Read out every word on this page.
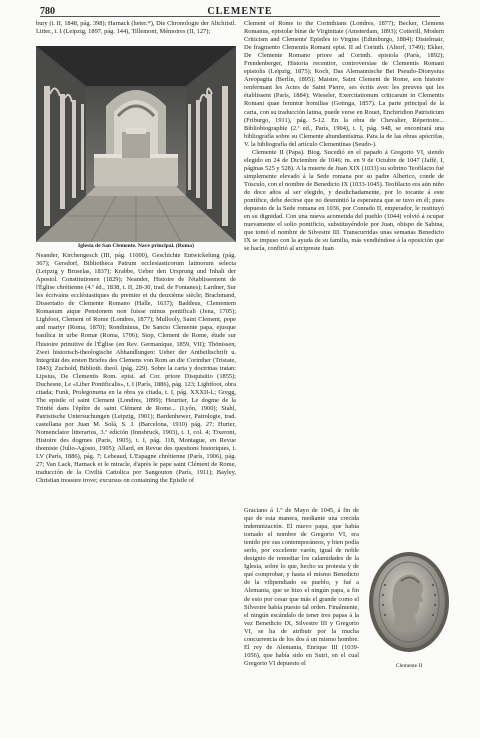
780	CLEMENTE

bury (t. II, 1848, pág. 398); Harnack (heter.*), Die Chronologie der Altchristl. Litter., t. I (Leipzig, 1897, pág. 144), Tillemont, Mémoires (II, 127);

Iglesia de San Clemente. Nave principal. (Roma)

Neander, Kirchengesch (III, pág. 11000), Geschichte Entwickelung (pág. 367); Gersdorf, Bibliotheca Patrum ecclesiasticorum latinorum selecta (Leipzig y Bruselas, 1837); Krabbe, Ueber den Ursprung und Inhalt der Apostol. Constitutionen (1829); Neander, Histoire de l'établissement de l'Église chrétienne (4.ª éd., 1838, t. II, 28-30, trad. de Fontanes); Lardner, Sur les écrivains ecclésiastiques du premier et du deuxième siècle; Brachmand, Dissertatio de Clemente Romano (Halle, 1637); Baddeus, Clementem Romanum atque Pensionem non fuisse minus pontificali (Jena, 1705); Lighfoot, Clement of Rome (Londres, 1877); Mullooly, Saint Clement, pope and martyr (Roma, 1870); Rondininus, De Sancto Clemente papa, ejusque basilica in urbe Romæ (Roma, 1706); Stop, Clement de Rome, étude sur l'histoire primitive de l'Église (en Rev. Germanique, 1859, VII); Thönissen, Zwei historisch-theologische Abhandlungen: Ueber der Antheiltschrift u. Integrität des ersten Briefes des Clemens von Rom an die Corinther (Tristate, 1843); Zuchold, Biblioth. theol. (pág. 229). Sobre la carta y doctrinas tratan: Lipsius, De Clementis Rom. epist. ad Cor. priore Disquisitio (1855); Duchesne, Le «Liber Pontificalis», t. I (París, 1886), pág. 123; Lightfoot, obra citada; Funk, Prolegomena en la obra ya citada, t. I, pág. XXXII-L; Gregg, The epistle of saint Clement (Londres, 1899); Heurtier, Le dogme de la Trinité dans l'épître de saint Clément de Rome... (Lyón, 1900); Stahl, Patristische Untersuchungen (Leipzig, 1901); Bardenhewer, Patrologie, trad. castellana por Juan M. Solá, S. J. (Barcelona, 1910) pág. 27; Hurter, Nomenclator litterarius, 3.ª edición (Innsbruck, 1903), t. I, col. 4; Tixeront, Histoire des dogmes (París, 1905), t. I, pág. 118, Montague, en Revue thomiste (Julio-Agosto, 1905); Allard, en Revue des questions historiques, t. LV (París, 1886), pág. 7; Lebeaud, L'Espagne chrétienne (París, 1906), pág. 27; Van Lack, Harnack et le miracle, d'après le pape saint Clément de Rome, traducción de la Civiltà Cattolica por Sangouton (París, 1911); Bayley, Christian treasure trove; excursus on containing the Epistle of

Clement of Rome to the Corinthians (Londres, 1877); Becker, Clemens Romanus, epistolæ binæ de Virginitate (Amsterdam, 1893); Cotterill, Modern Criticism and Clements' Epistles to Virgins (Edimburgo, 1884); Distelmair, De fragmento Clementis Romani epist. II ad Corinth. (Altorf, 1749); Ekker, De Clemente Romano priore ad Corinth. epistola (París, 1892); Frendenberger, Historia recentior, controversiae de Clementis Romani epistolis (Leipzig, 1875); Koch, Das Alemannische Bei Pseudo-Dionysius Areopagita (Berlín, 1895); Maistre, Saint Clement de Rome, son histoire renfermant les Actes de Saint Pierre, ses écrits avec les preuves qui les établissent (París, 1884); Wieseler, Exercitationum criticarum in Clementis Romani quae feruntur homilias (Gotinga, 1857). La parte principal de la carta, con su traducción latina, puede verse en Rouet, Enchiridion Patristicum (Friburgo, 1911), pág. 5-12. En la obra de Chevalier, Répertoire... Bibliobiographie (2.ª ed., París, 1904), t. I, pág. 948, se encontrará una bibliografía sobre su Clemente abundantísima. Para la de las obras apócrifas, V. la bibliografía del artículo Clementinas (Seudo-).

Clemente II (Papa). Biog. Sucedió en el papado á Gregorio VI, siendo elegido en 24 de Diciembre de 1046; m. en 9 de Octubre de 1047 (Jaffé, I, páginas 525 y 528). A la muerte de Juan XIX (1033) su sobrino Teofilacto fué simplemente elevado á la Sede romana por su padre Alberico, conde de Túsculo, con el nombre de Benedicto IX (1033-1045). Teofilacto era aún niño de doce años al ser elegido, y desdichadamente, por lo tocante á este pontífice, debe decirse que no desmintió la esperanza que se tuvo en él; pues depuesto de la Sede romana en 1036, por Conrado II, emperador, le restituyó en su dignidad. Con una nueva acometida del pueblo (1044) volvió á ocupar nuevamente el solio pontificio, substituyéndole por Juan, obispo de Sabina, que tomó el nombre de Silvestre III. Transcurridas unas semanas Benedicto IX se impuso con la ayuda de su familia, más vendiéndose á la oposición que se hacía, confirió al arcipreste Juan

Graciano á 1.º de Mayo de 1045, á fin de que de esta manera, mediante una crecida indemnización. El nuevo papa, que había tomado el nombre de Gregorio VI, era tenido por sus contemporáneos, y bien podía serlo, por excelente varón, igual de noble designio de remediar los calamidades de la Iglesia, sobre lo que, hecho su protesta y de qué comprobar, y hasta el mismo Benedicto de la vilipendiado su pueblo, y fué a Alemania, que se hizo el ningún papa, a fin de esto por cesar que más el grande como el Silvestre había puesto tal orden. Finalmente, el ningún escándalo de tener tres papas á la vez Benedicto IX, Silvestre III y Gregorio VI, se ha de atribuir por la mucha concurrencia de los dos á un mismo hombre. El rey de Alemania, Enrique III (1039-1056), que había sido en Sutri, en el cual Gregorio VI depuesto el	Clemente II
